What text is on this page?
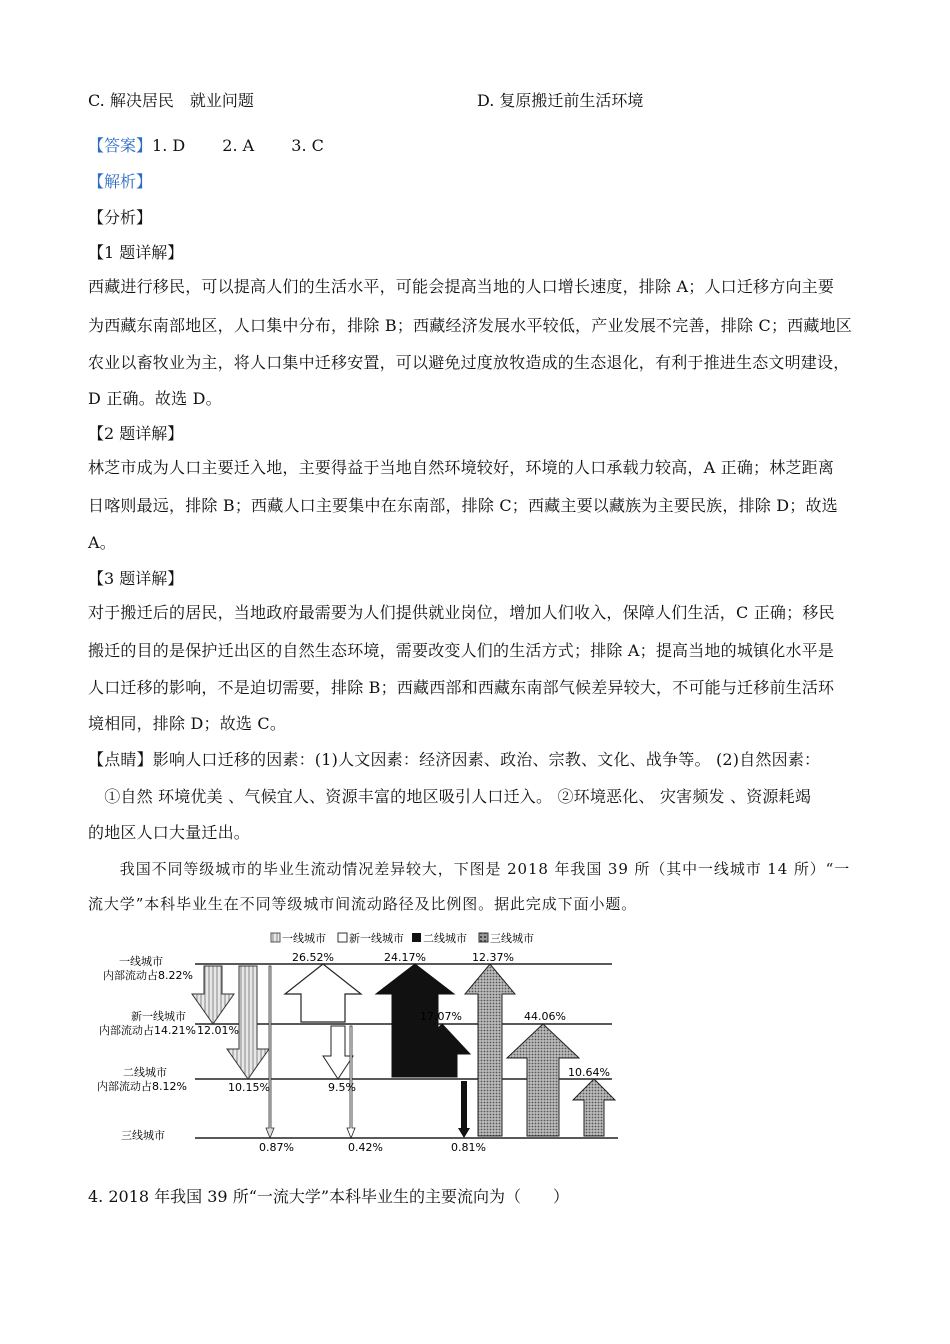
C. 解决居民　就业问题	D. 复原搬迁前生活环境
【答案】1. D　　 2. A　　 3. C
【解析】
【分析】
【1 题详解】
西藏进行移民，可以提高人们的生活水平，可能会提高当地的人口增长速度，排除 A；人口迁移方向主要
为西藏东南部地区，人口集中分布，排除 B；西藏经济发展水平较低，产业发展不完善，排除 C；西藏地区
农业以畜牧业为主，将人口集中迁移安置，可以避免过度放牧造成的生态退化，有利于推进生态文明建设，
D 正确。故选 D。
【2 题详解】
林芝市成为人口主要迁入地，主要得益于当地自然环境较好，环境的人口承载力较高，A 正确；林芝距离
日喀则最远，排除 B；西藏人口主要集中在东南部，排除 C；西藏主要以藏族为主要民族，排除 D；故选
A。
【3 题详解】
对于搬迁后的居民，当地政府最需要为人们提供就业岗位，增加人们收入，保障人们生活，C 正确；移民
搬迁的目的是保护迁出区的自然生态环境，需要改变人们的生活方式；排除 A；提高当地的城镇化水平是
人口迁移的影响，不是迫切需要，排除 B；西藏西部和西藏东南部气候差异较大，不可能与迁移前生活环
境相同，排除 D；故选 C。
【点睛】影响人口迁移的因素：(1)人文因素：经济因素、政治、宗教、文化、战争等。 (2)自然因素：
　①自然 环境优美 、气候宜人、资源丰富的地区吸引人口迁入。 ②环境恶化、 灾害频发 、资源耗竭
的地区人口大量迁出。
　　我国不同等级城市的毕业生流动情况差异较大，下图是 2018 年我国 39 所（其中一线城市 14 所）“一
流大学”本科毕业生在不同等级城市间流动路径及比例图。据此完成下面小题。
一线城市 新一线城市 二线城市 三线城市
一线城市
内部流动占8.22%
新一线城市
内部流动占14.21%
二线城市
内部流动占8.12%
三线城市
12.01%
10.15%
0.87%
26.52%
9.5%
0.42%
24.17%
17.07%
0.81%
12.37%
44.06%
10.64%
4. 2018 年我国 39 所“一流大学”本科毕业生的主要流向为（　　）
